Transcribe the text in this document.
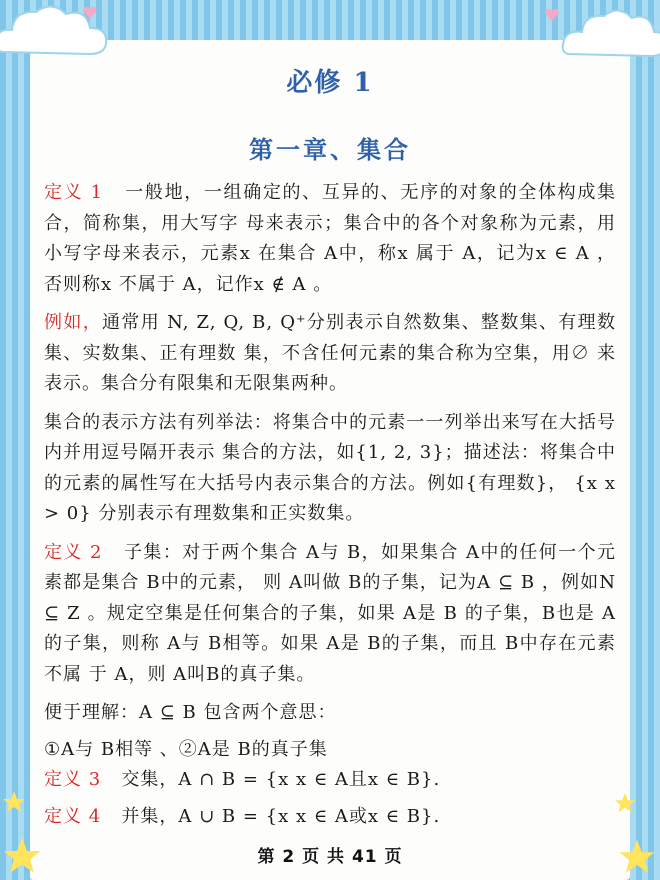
必修 1
第一章、集合

定义 1 一般地，一组确定的、互异的、无序的对象的全体构成集合，简称集，用大写字 母来表示；集合中的各个对象称为元素，用小写字母来表示，元素x 在集合 A中，称x 属于 A，记为x ∈ A ，否则称x 不属于 A，记作x ∉ A 。

例如，通常用 N, Z, Q, B, Q⁺分别表示自然数集、整数集、有理数集、实数集、正有理数 集，不含任何元素的集合称为空集，用∅ 来表示。集合分有限集和无限集两种。

集合的表示方法有列举法：将集合中的元素一一列举出来写在大括号内并用逗号隔开表示 集合的方法，如{1, 2, 3}；描述法：将集合中的元素的属性写在大括号内表示集合的方法。例如{有理数}， {x x > 0} 分别表示有理数集和正实数集。

定义 2 子集：对于两个集合 A与 B，如果集合 A中的任何一个元素都是集合 B中的元素， 则 A叫做 B的子集，记为A ⊆ B ，例如N ⊆ Z 。规定空集是任何集合的子集，如果 A是 B 的子集，B也是 A的子集，则称 A与 B相等。如果 A是 B的子集，而且 B中存在元素不属 于 A，则 A叫B的真子集。

便于理解：A ⊆ B 包含两个意思：

①A与 B相等 、②A是 B的真子集

定义 3 交集，A ∩ B = {x x ∈ A且x ∈ B}.

定义 4 并集，A ∪ B = {x x ∈ A或x ∈ B}.

第 2 页 共 41 页
